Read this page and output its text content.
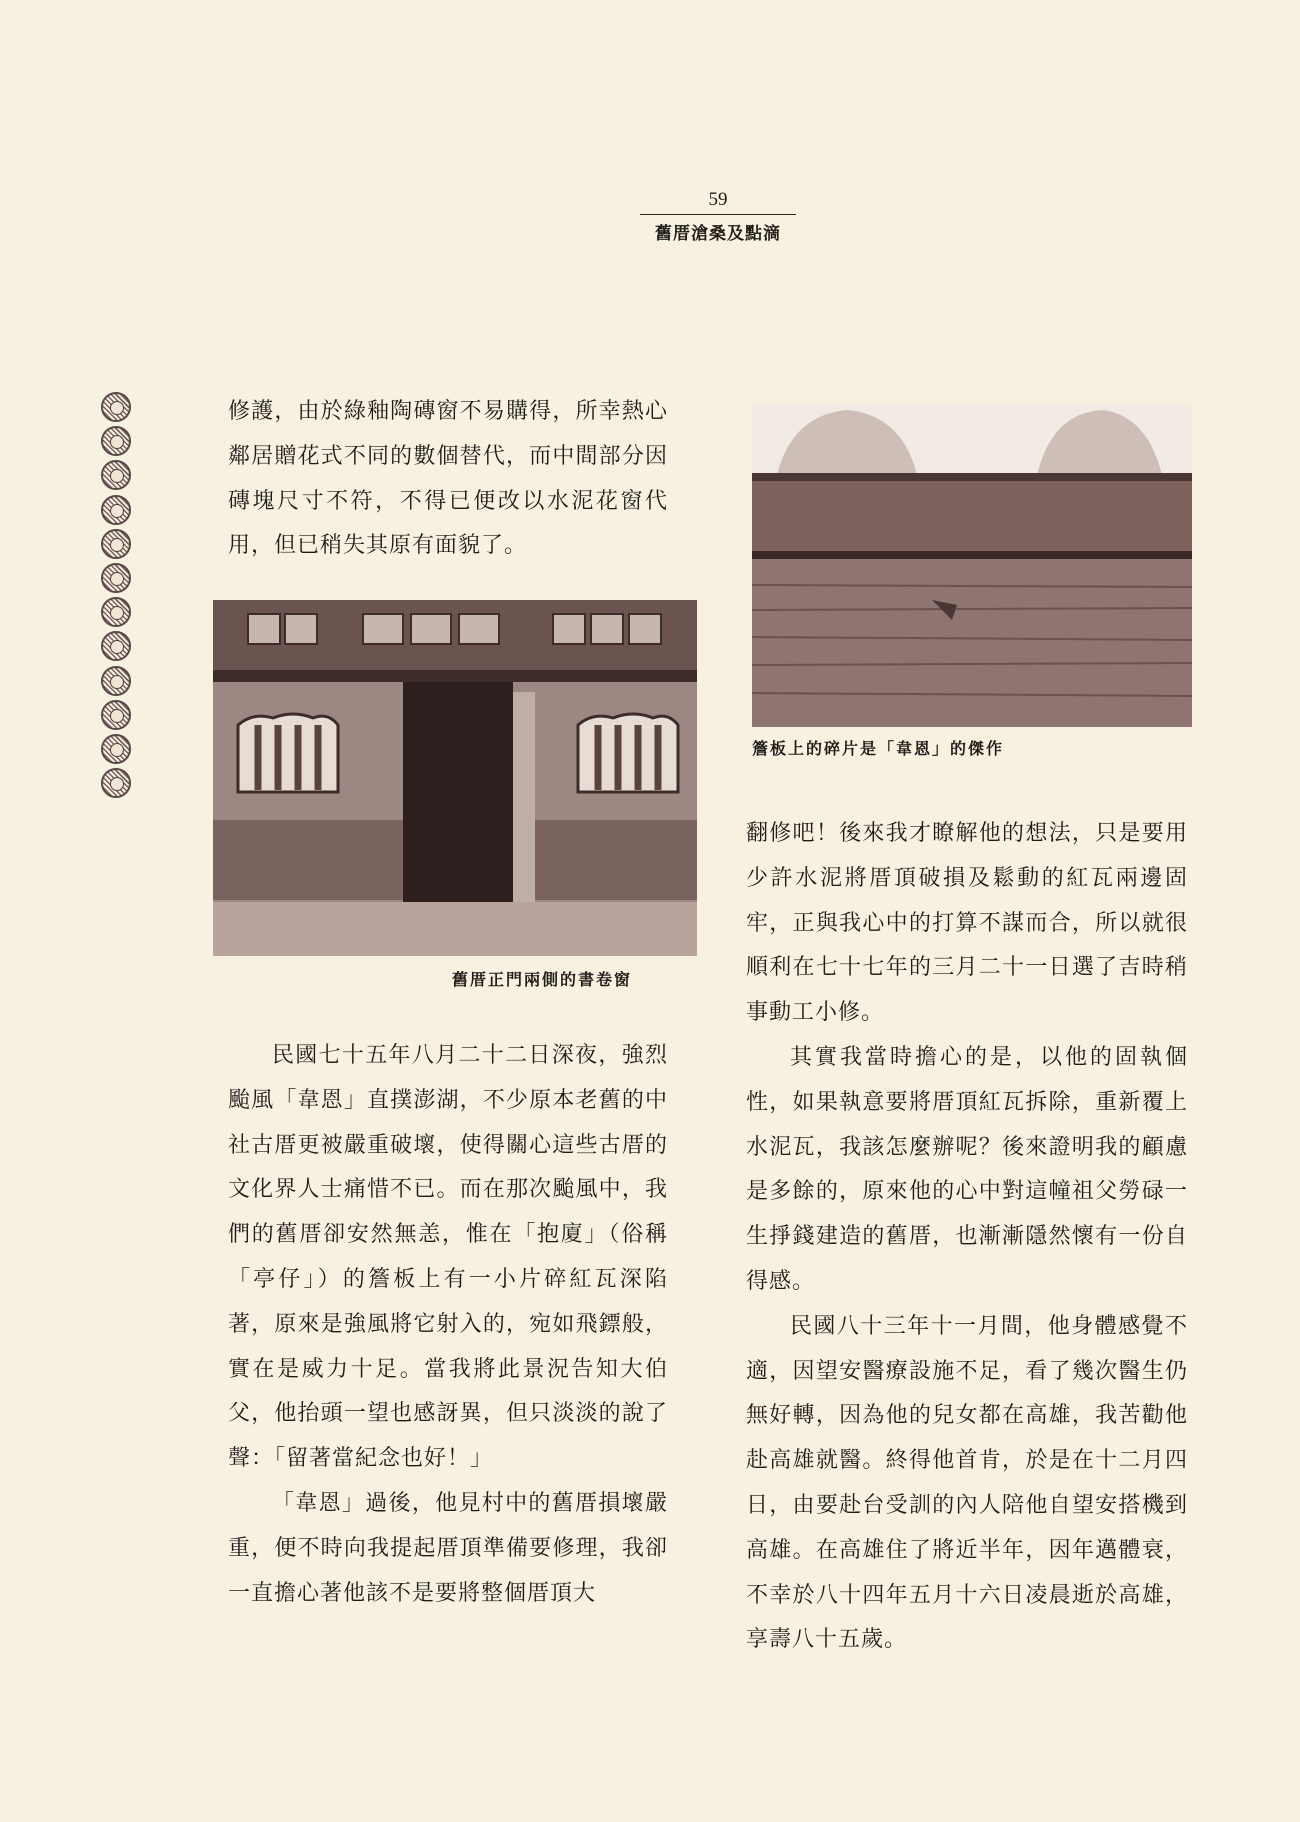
59
舊厝滄桑及點滴

修護，由於綠釉陶磚窗不易購得，所幸熱心鄰居贈花式不同的數個替代，而中間部分因磚塊尺寸不符，不得已便改以水泥花窗代用，但已稍失其原有面貌了。

舊厝正門兩側的書卷窗

民國七十五年八月二十二日深夜，強烈颱風「韋恩」直撲澎湖，不少原本老舊的中社古厝更被嚴重破壞，使得關心這些古厝的文化界人士痛惜不已。而在那次颱風中，我們的舊厝卻安然無恙，惟在「抱廈」（俗稱「亭仔」）的簷板上有一小片碎紅瓦深陷著，原來是強風將它射入的，宛如飛鏢般，實在是威力十足。當我將此景況告知大伯父，他抬頭一望也感訝異，但只淡淡的說了聲：「留著當紀念也好！」

「韋恩」過後，他見村中的舊厝損壞嚴重，便不時向我提起厝頂準備要修理，我卻一直擔心著他該不是要將整個厝頂大

簷板上的碎片是「韋恩」的傑作

翻修吧！後來我才瞭解他的想法，只是要用少許水泥將厝頂破損及鬆動的紅瓦兩邊固牢，正與我心中的打算不謀而合，所以就很順利在七十七年的三月二十一日選了吉時稍事動工小修。

其實我當時擔心的是，以他的固執個性，如果執意要將厝頂紅瓦拆除，重新覆上水泥瓦，我該怎麼辦呢？後來證明我的顧慮是多餘的，原來他的心中對這幢祖父勞碌一生掙錢建造的舊厝，也漸漸隱然懷有一份自得感。

民國八十三年十一月間，他身體感覺不適，因望安醫療設施不足，看了幾次醫生仍無好轉，因為他的兒女都在高雄，我苦勸他赴高雄就醫。終得他首肯，於是在十二月四日，由要赴台受訓的內人陪他自望安搭機到高雄。在高雄住了將近半年，因年邁體衰，不幸於八十四年五月十六日凌晨逝於高雄，享壽八十五歲。
